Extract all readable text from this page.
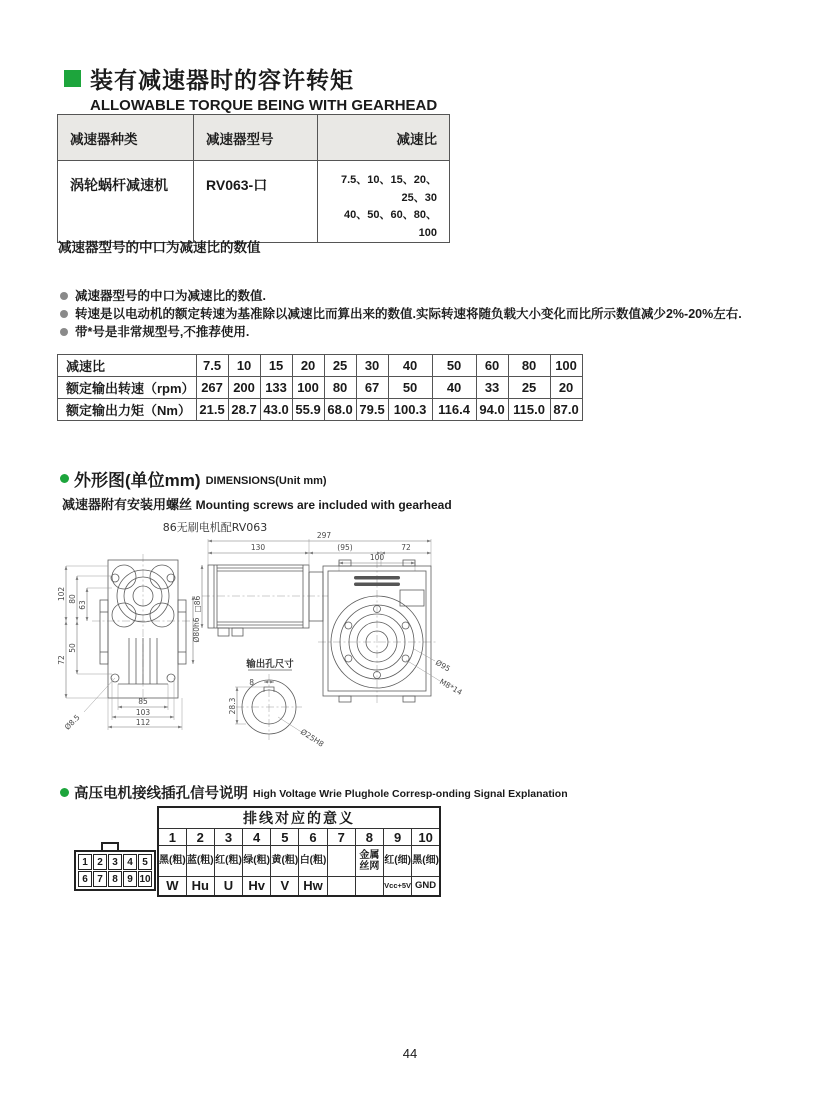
装有减速器时的容许转矩
ALLOWABLE TORQUE BEING WITH GEARHEAD
减速器种类	减速器型号	减速比
涡轮蜗杆减速机	RV063-口	7.5、10、15、20、25、30
40、50、60、80、100
减速器型号的中口为减速比的数值
减速器型号的中口为减速比的数值.
转速是以电动机的额定转速为基准除以减速比而算出来的数值.实际转速将随负载大小变化而比所示数值减少2%-20%左右.
带*号是非常规型号,不推荐使用.
减速比	7.5	10	15	20	25	30	40	50	60	80	100
额定输出转速（rpm）	267	200	133	100	80	67	50	40	33	25	20
额定输出力矩（Nm）	21.5	28.7	43.0	55.9	68.0	79.5	100.3	116.4	94.0	115.0	87.0
外形图(单位mm) DIMENSIONS(Unit mm)
减速器附有安装用螺丝 Mounting screws are included with gearhead
86无刷电机配RV063
102 80
63
72
50
Ø80h6
85
103
112
Ø8.5
297
130	(95)	72
100
□86
输出孔尺寸
8
28.3
Ø25H8
Ø95
M8*14
高压电机接线插孔信号说明 High Voltage Wrie Plughole Corresp-onding Signal Explanation
1 2 3 4 5
6 7 8 9 10
排线对应的意义									
1	2	3	4	5	6	7	8	9	10
黑(粗)	蓝(粗)	红(粗)	绿(粗)	黄(粗)	白(粗)		金属丝网	红(细)	黑(细)
W	Hu	U	Hv	V	Hw			Vcc+5V	GND
44
